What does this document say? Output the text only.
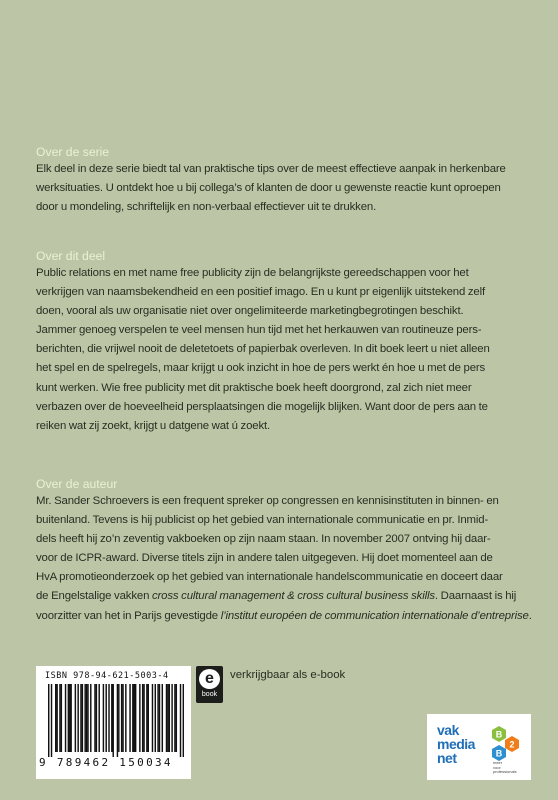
Over de serie

Elk deel in deze serie biedt tal van praktische tips over de meest effectieve aanpak in herkenbare
werksituaties. U ontdekt hoe u bij collega’s of klanten de door u gewenste reactie kunt oproepen
door u mondeling, schriftelijk en non-verbaal effectiever uit te drukken.

Over dit deel

Public relations en met name free publicity zijn de belangrijkste gereedschappen voor het
verkrijgen van naamsbekendheid en een positief imago. En u kunt pr eigenlijk uitstekend zelf
doen, vooral als uw organisatie niet over ongelimiteerde marketingbegrotingen beschikt.
Jammer genoeg verspelen te veel mensen hun tijd met het herkauwen van routineuze pers-
berichten, die vrijwel nooit de deletetoets of papierbak overleven. In dit boek leert u niet alleen
het spel en de spelregels, maar krijgt u ook inzicht in hoe de pers werkt én hoe u met de pers
kunt werken. Wie free publicity met dit praktische boek heeft doorgrond, zal zich niet meer
verbazen over de hoeveelheid persplaatsingen die mogelijk blijken. Want door de pers aan te
reiken wat zij zoekt, krijgt u datgene wat ú zoekt.

Over de auteur

Mr. Sander Schroevers is een frequent spreker op congressen en kennisinstituten in binnen- en
buitenland. Tevens is hij publicist op het gebied van internationale communicatie en pr. Inmid-
dels heeft hij zo’n zeventig vakboeken op zijn naam staan. In november 2007 ontving hij daar-
voor de ICPR-award. Diverse titels zijn in andere talen uitgegeven. Hij doet momenteel aan de
HvA promotieonderzoek op het gebied van internationale handelscommunicatie en doceert daar
de Engelstalige vakken cross cultural management & cross cultural business skills. Daarnaast is hij
voorzitter van het in Parijs gevestigde l’institut européen de communication internationale d’entreprise.
ISBN 978-94-621-5003-4
9 789462 150034
e
book
verkrijgbaar als e-book
vak
media
net
B
2
B
meer
voor
professionals
